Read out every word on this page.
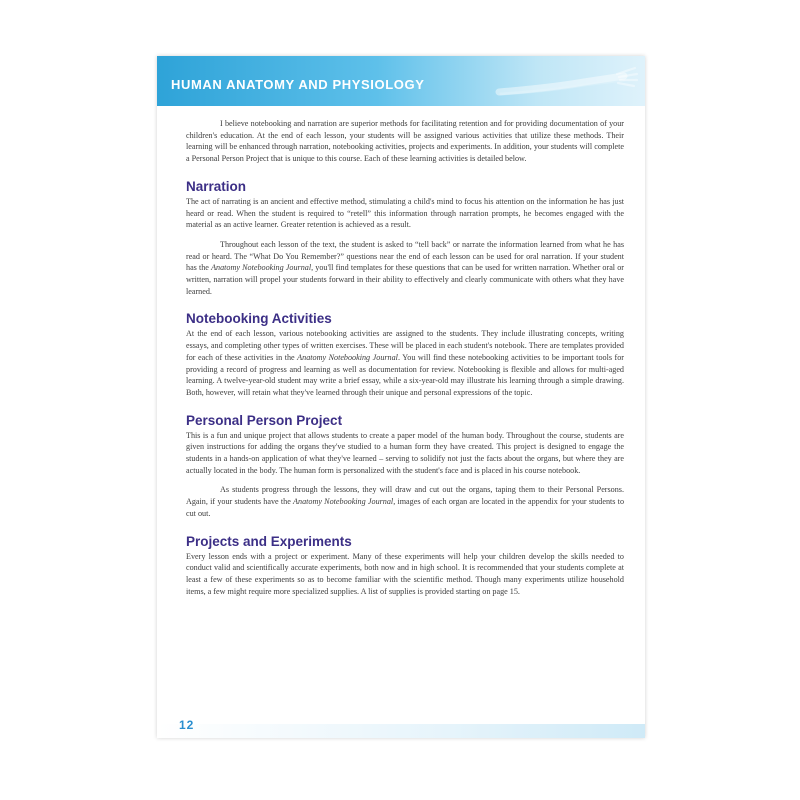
HUMAN ANATOMY AND PHYSIOLOGY

I believe notebooking and narration are superior methods for facilitating retention and for providing documentation of your children's education. At the end of each lesson, your students will be assigned various activities that utilize these methods. Their learning will be enhanced through narration, notebooking activities, projects and experiments. In addition, your students will complete a Personal Person Project that is unique to this course. Each of these learning activities is detailed below.

Narration

The act of narrating is an ancient and effective method, stimulating a child's mind to focus his attention on the information he has just heard or read. When the student is required to “retell” this information through narration prompts, he becomes engaged with the material as an active learner. Greater retention is achieved as a result.

Throughout each lesson of the text, the student is asked to “tell back” or narrate the information learned from what he has read or heard. The “What Do You Remember?” questions near the end of each lesson can be used for oral narration. If your student has the Anatomy Notebooking Journal, you'll find templates for these questions that can be used for written narration. Whether oral or written, narration will propel your students forward in their ability to effectively and clearly communicate with others what they have learned.

Notebooking Activities

At the end of each lesson, various notebooking activities are assigned to the students. They include illustrating concepts, writing essays, and completing other types of written exercises. These will be placed in each student's notebook. There are templates provided for each of these activities in the Anatomy Notebooking Journal. You will find these notebooking activities to be important tools for providing a record of progress and learning as well as documentation for review. Notebooking is flexible and allows for multi-aged learning. A twelve-year-old student may write a brief essay, while a six-year-old may illustrate his learning through a simple drawing. Both, however, will retain what they've learned through their unique and personal expressions of the topic.

Personal Person Project

This is a fun and unique project that allows students to create a paper model of the human body. Throughout the course, students are given instructions for adding the organs they've studied to a human form they have created. This project is designed to engage the students in a hands-on application of what they've learned – serving to solidify not just the facts about the organs, but where they are actually located in the body. The human form is personalized with the student's face and is placed in his course notebook.

As students progress through the lessons, they will draw and cut out the organs, taping them to their Personal Persons. Again, if your students have the Anatomy Notebooking Journal, images of each organ are located in the appendix for your students to cut out.

Projects and Experiments

Every lesson ends with a project or experiment. Many of these experiments will help your children develop the skills needed to conduct valid and scientifically accurate experiments, both now and in high school. It is recommended that your students complete at least a few of these experiments so as to become familiar with the scientific method. Though many experiments utilize household items, a few might require more specialized supplies. A list of supplies is provided starting on page 15.

12
